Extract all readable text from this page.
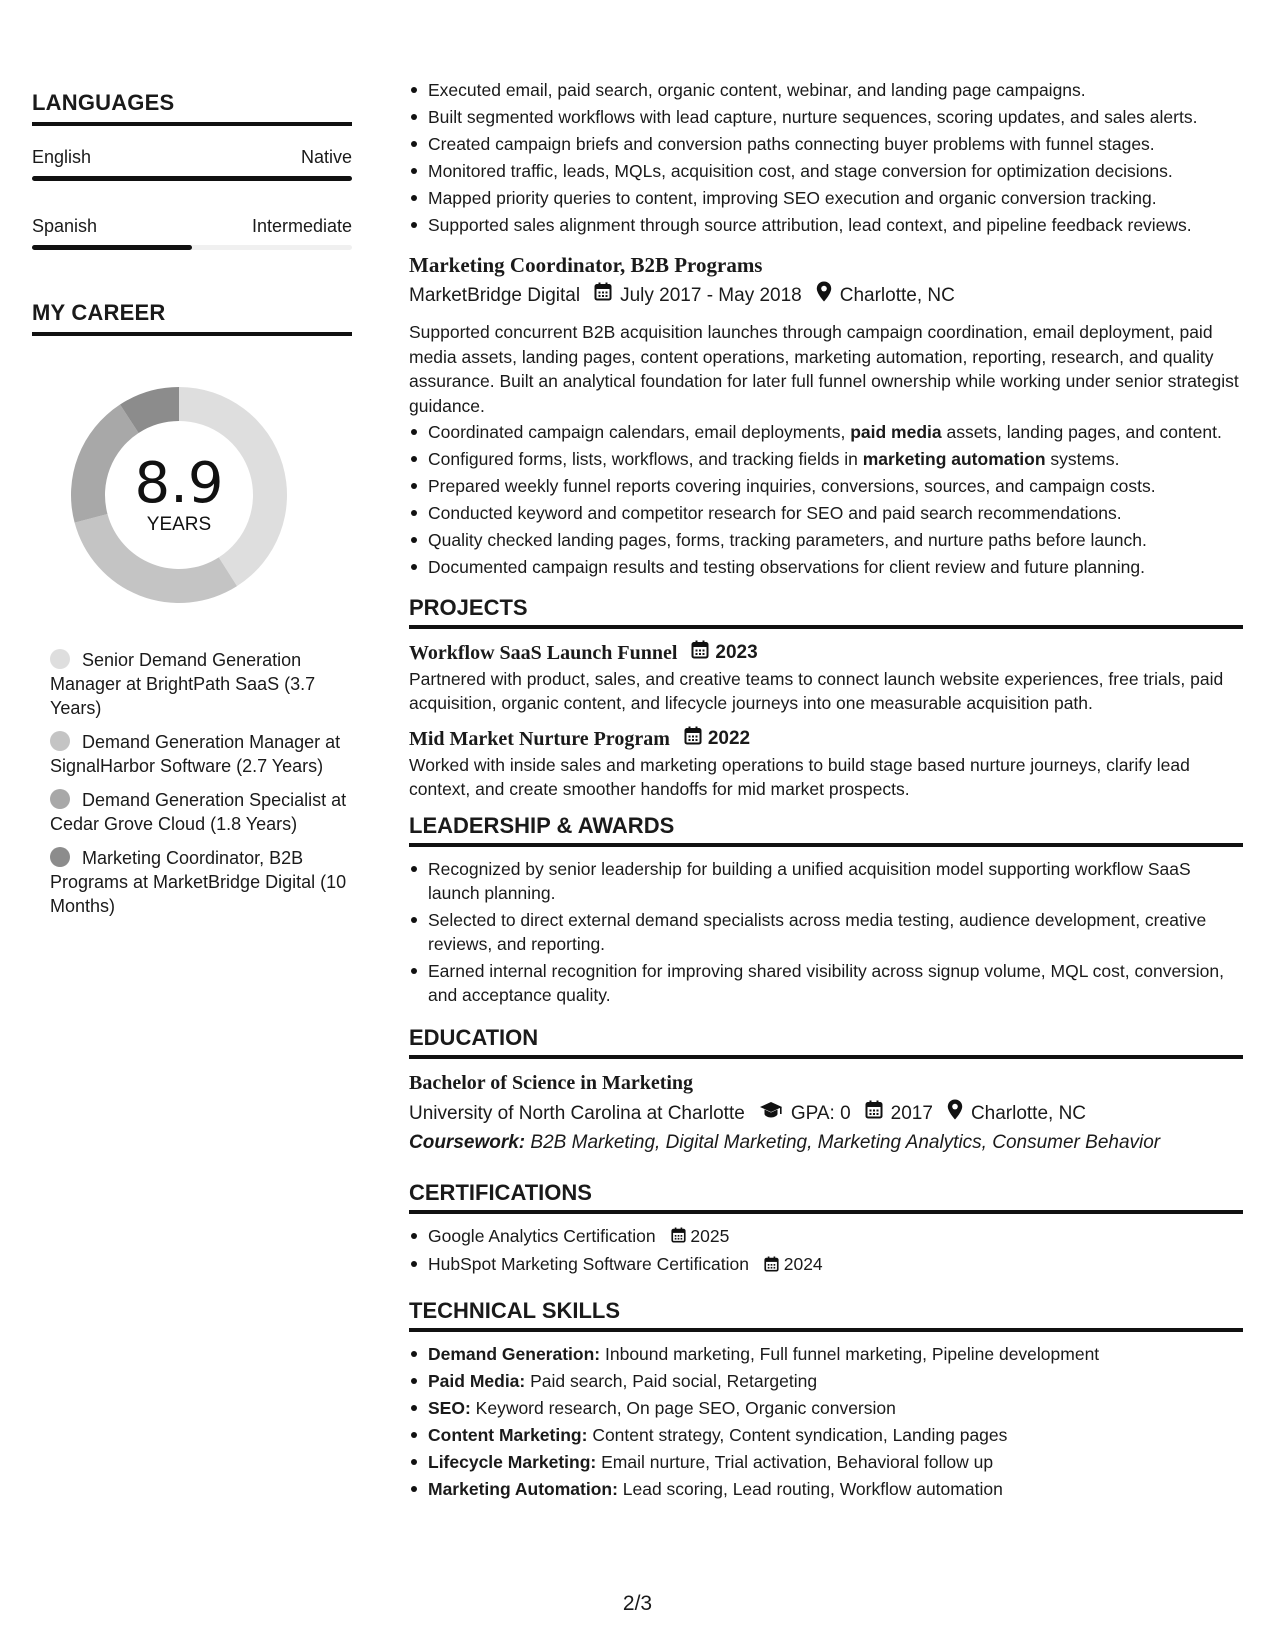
LANGUAGES
English	Native
Spanish	Intermediate
MY CAREER
8.9
YEARS
Senior Demand Generation Manager at BrightPath SaaS (3.7 Years)
Demand Generation Manager at SignalHarbor Software (2.7 Years)
Demand Generation Specialist at Cedar Grove Cloud (1.8 Years)
Marketing Coordinator, B2B Programs at MarketBridge Digital (10 Months)
Executed email, paid search, organic content, webinar, and landing page campaigns.
Built segmented workflows with lead capture, nurture sequences, scoring updates, and sales alerts.
Created campaign briefs and conversion paths connecting buyer problems with funnel stages.
Monitored traffic, leads, MQLs, acquisition cost, and stage conversion for optimization decisions.
Mapped priority queries to content, improving SEO execution and organic conversion tracking.
Supported sales alignment through source attribution, lead context, and pipeline feedback reviews.
Marketing Coordinator, B2B Programs
MarketBridge Digital July 2017 - May 2018 Charlotte, NC
Supported concurrent B2B acquisition launches through campaign coordination, email deployment, paid media assets, landing pages, content operations, marketing automation, reporting, research, and quality assurance. Built an analytical foundation for later full funnel ownership while working under senior strategist guidance.
Coordinated campaign calendars, email deployments, paid media assets, landing pages, and content.
Configured forms, lists, workflows, and tracking fields in marketing automation systems.
Prepared weekly funnel reports covering inquiries, conversions, sources, and campaign costs.
Conducted keyword and competitor research for SEO and paid search recommendations.
Quality checked landing pages, forms, tracking parameters, and nurture paths before launch.
Documented campaign results and testing observations for client review and future planning.
PROJECTS
Workflow SaaS Launch Funnel 2023
Partnered with product, sales, and creative teams to connect launch website experiences, free trials, paid acquisition, organic content, and lifecycle journeys into one measurable acquisition path.
Mid Market Nurture Program 2022
Worked with inside sales and marketing operations to build stage based nurture journeys, clarify lead context, and create smoother handoffs for mid market prospects.
LEADERSHIP & AWARDS
Recognized by senior leadership for building a unified acquisition model supporting workflow SaaS launch planning.
Selected to direct external demand specialists across media testing, audience development, creative reviews, and reporting.
Earned internal recognition for improving shared visibility across signup volume, MQL cost, conversion, and acceptance quality.
EDUCATION
Bachelor of Science in Marketing
University of North Carolina at Charlotte GPA: 0 2017 Charlotte, NC
Coursework: B2B Marketing, Digital Marketing, Marketing Analytics, Consumer Behavior
CERTIFICATIONS
Google Analytics Certification 2025
HubSpot Marketing Software Certification 2024
TECHNICAL SKILLS
Demand Generation: Inbound marketing, Full funnel marketing, Pipeline development
Paid Media: Paid search, Paid social, Retargeting
SEO: Keyword research, On page SEO, Organic conversion
Content Marketing: Content strategy, Content syndication, Landing pages
Lifecycle Marketing: Email nurture, Trial activation, Behavioral follow up
Marketing Automation: Lead scoring, Lead routing, Workflow automation
2/3
